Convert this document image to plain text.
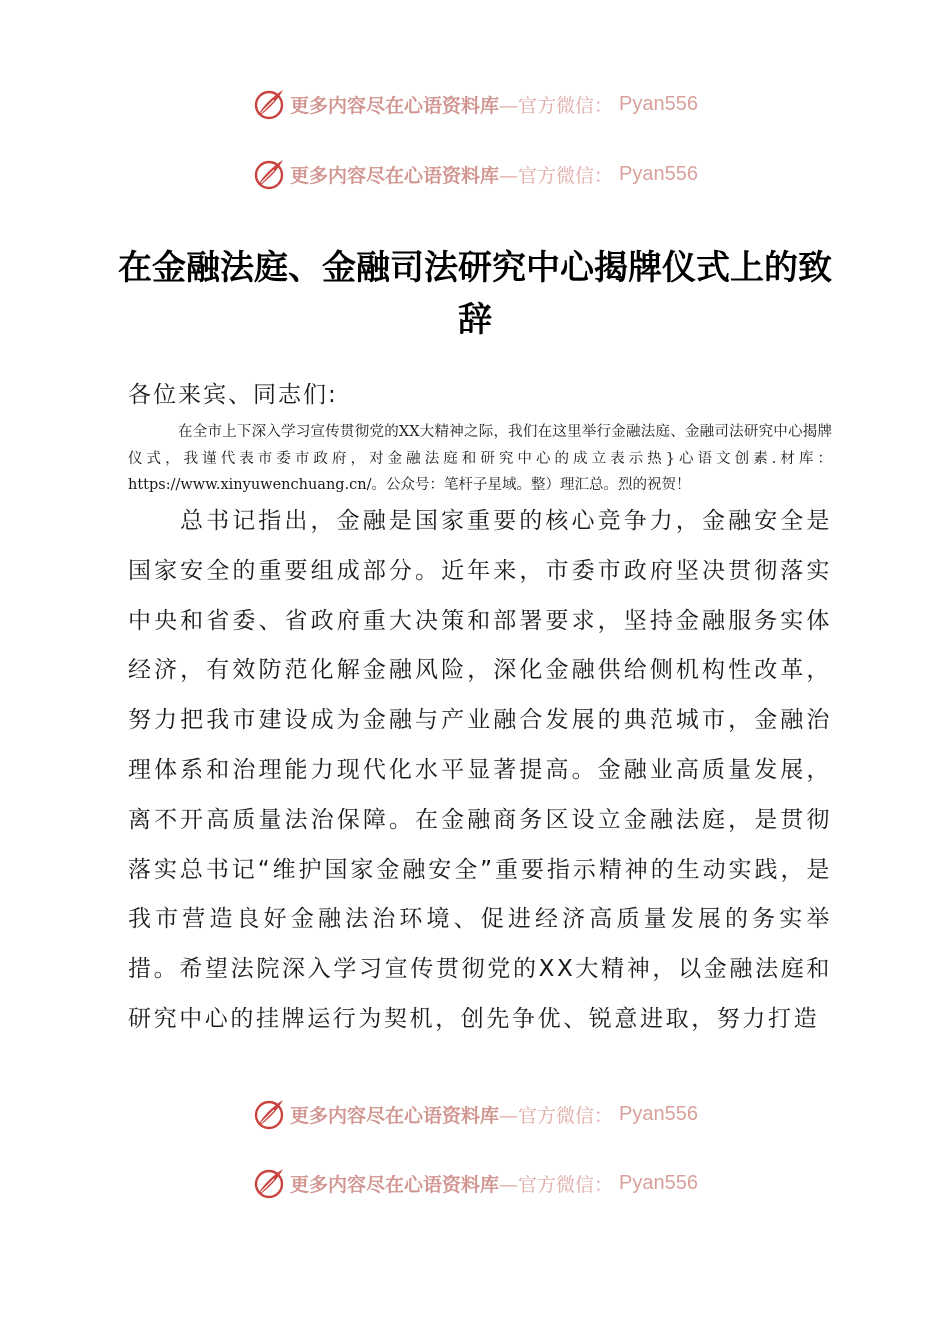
更多内容尽在心语资料库 —官方微信： Pyan556
更多内容尽在心语资料库 —官方微信： Pyan556
在金融法庭、金融司法研究中心揭牌仪式上的致辞

各位来宾、同志们:

在全市上下深入学习宣传贯彻党的XX大精神之际，我们在这里举行金融法庭、金融司法研究中心揭牌仪式，我谨代表市委市政府，对金融法庭和研究中心的成立表示热}心语文创素.材库：https://www.xinyuwenchuang.cn/。公众号：笔杆子星域。整）理汇总。烈的祝贺！

总书记指出，金融是国家重要的核心竞争力，金融安全是国家安全的重要组成部分。近年来，市委市政府坚决贯彻落实中央和省委、省政府重大决策和部署要求，坚持金融服务实体经济，有效防范化解金融风险，深化金融供给侧机构性改革，努力把我市建设成为金融与产业融合发展的典范城市，金融治理体系和治理能力现代化水平显著提高。金融业高质量发展，离不开高质量法治保障。在金融商务区设立金融法庭，是贯彻落实总书记“维护国家金融安全”重要指示精神的生动实践，是我市营造良好金融法治环境、促进经济高质量发展的务实举措。希望法院深入学习宣传贯彻党的XX大精神，以金融法庭和研究中心的挂牌运行为契机，创先争优、锐意进取，努力打造

更多内容尽在心语资料库 —官方微信： Pyan556
更多内容尽在心语资料库 —官方微信： Pyan556
